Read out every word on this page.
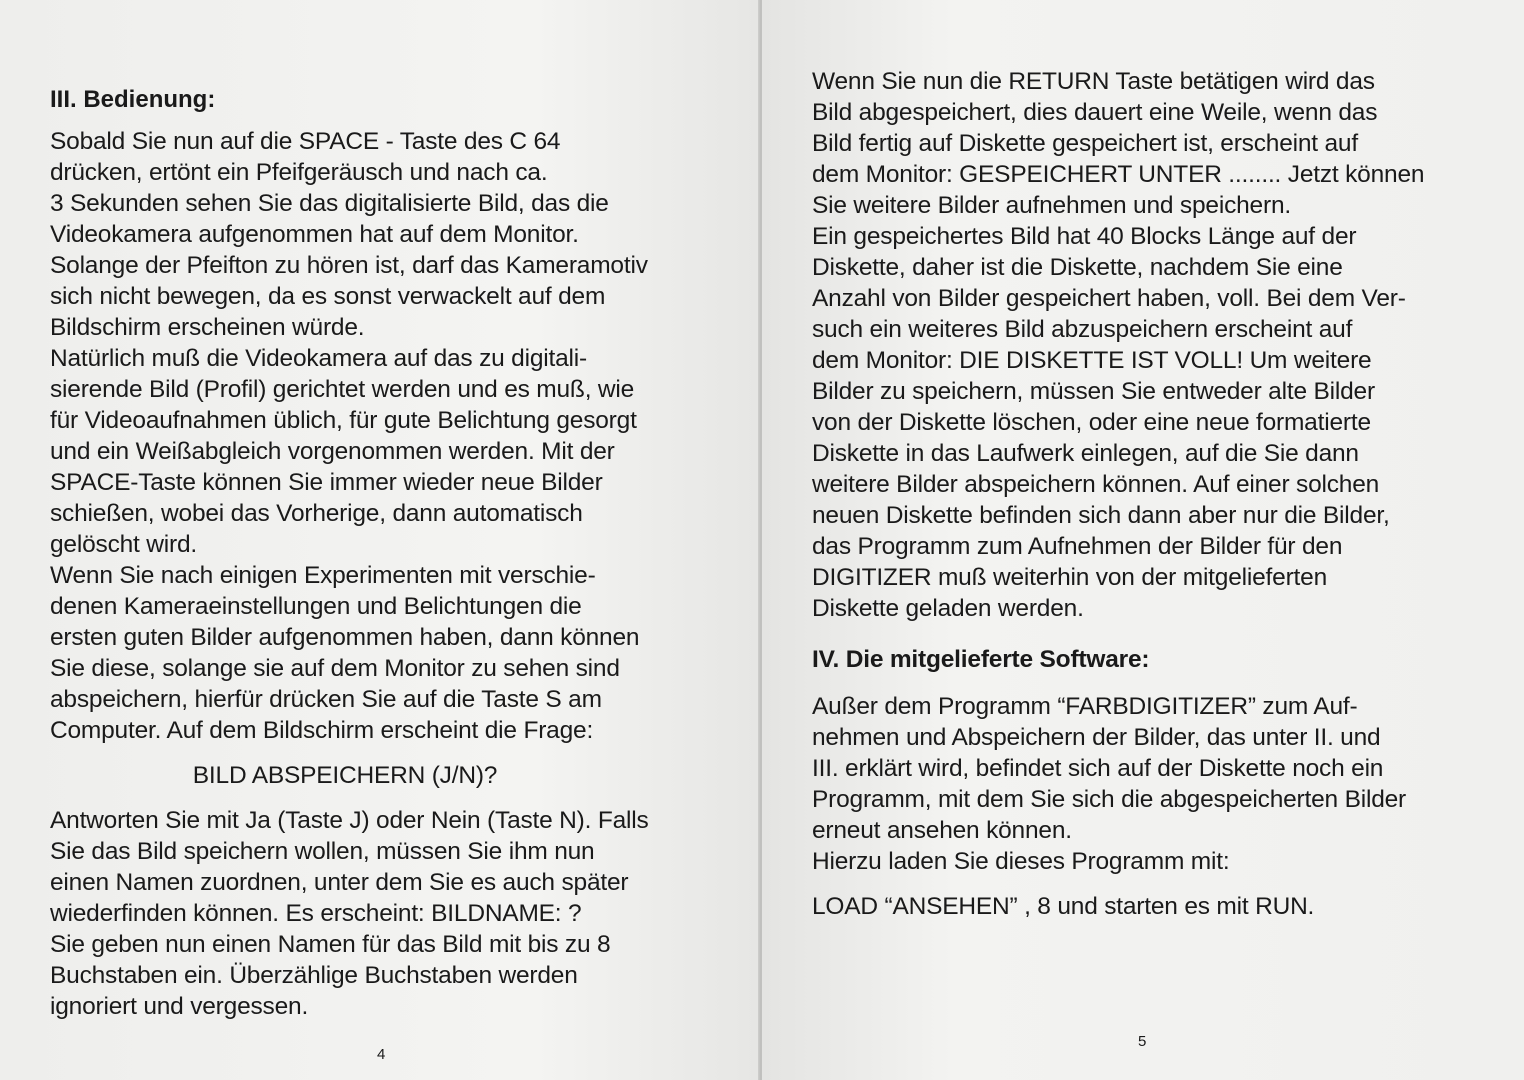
III. Bedienung:

Sobald Sie nun auf die SPACE - Taste des C 64

drücken, ertönt ein Pfeifgeräusch und nach ca.

3 Sekunden sehen Sie das digitalisierte Bild, das die

Videokamera aufgenommen hat auf dem Monitor.

Solange der Pfeifton zu hören ist, darf das Kameramotiv

sich nicht bewegen, da es sonst verwackelt auf dem

Bildschirm erscheinen würde.

Natürlich muß die Videokamera auf das zu digitali-

sierende Bild (Profil) gerichtet werden und es muß, wie

für Videoaufnahmen üblich, für gute Belichtung gesorgt

und ein Weißabgleich vorgenommen werden. Mit der

SPACE-Taste können Sie immer wieder neue Bilder

schießen, wobei das Vorherige, dann automatisch

gelöscht wird.

Wenn Sie nach einigen Experimenten mit verschie-

denen Kameraeinstellungen und Belichtungen die

ersten guten Bilder aufgenommen haben, dann können

Sie diese, solange sie auf dem Monitor zu sehen sind

abspeichern, hierfür drücken Sie auf die Taste S am

Computer. Auf dem Bildschirm erscheint die Frage:

BILD ABSPEICHERN (J/N)?

Antworten Sie mit Ja (Taste J) oder Nein (Taste N). Falls

Sie das Bild speichern wollen, müssen Sie ihm nun

einen Namen zuordnen, unter dem Sie es auch später

wiederfinden können. Es erscheint: BILDNAME: ?

Sie geben nun einen Namen für das Bild mit bis zu 8

Buchstaben ein. Überzählige Buchstaben werden

ignoriert und vergessen.

4

Wenn Sie nun die RETURN Taste betätigen wird das

Bild abgespeichert, dies dauert eine Weile, wenn das

Bild fertig auf Diskette gespeichert ist, erscheint auf

dem Monitor: GESPEICHERT UNTER ........ Jetzt können

Sie weitere Bilder aufnehmen und speichern.

Ein gespeichertes Bild hat 40 Blocks Länge auf der

Diskette, daher ist die Diskette, nachdem Sie eine

Anzahl von Bilder gespeichert haben, voll. Bei dem Ver-

such ein weiteres Bild abzuspeichern erscheint auf

dem Monitor: DIE DISKETTE IST VOLL! Um weitere

Bilder zu speichern, müssen Sie entweder alte Bilder

von der Diskette löschen, oder eine neue formatierte

Diskette in das Laufwerk einlegen, auf die Sie dann

weitere Bilder abspeichern können. Auf einer solchen

neuen Diskette befinden sich dann aber nur die Bilder,

das Programm zum Aufnehmen der Bilder für den

DIGITIZER muß weiterhin von der mitgelieferten

Diskette geladen werden.

IV. Die mitgelieferte Software:

Außer dem Programm “FARBDIGITIZER” zum Auf-

nehmen und Abspeichern der Bilder, das unter II. und

III. erklärt wird, befindet sich auf der Diskette noch ein

Programm, mit dem Sie sich die abgespeicherten Bilder

erneut ansehen können.

Hierzu laden Sie dieses Programm mit:

LOAD “ANSEHEN” , 8 und starten es mit RUN.

5
